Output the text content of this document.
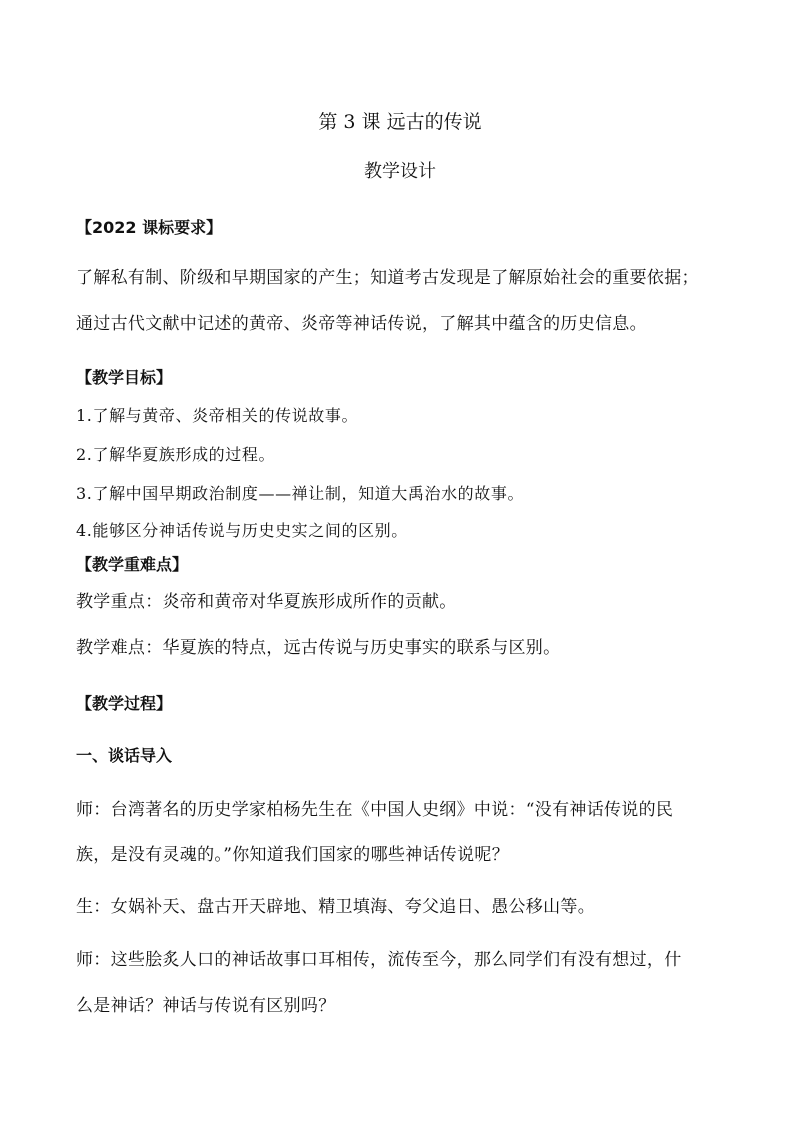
第 3 课 远古的传说
教学设计
【2022 课标要求】
了解私有制、阶级和早期国家的产生；知道考古发现是了解原始社会的重要依据；
通过古代文献中记述的黄帝、炎帝等神话传说，了解其中蕴含的历史信息。
【教学目标】
1.了解与黄帝、炎帝相关的传说故事。
2.了解华夏族形成的过程。
3.了解中国早期政治制度——禅让制，知道大禹治水的故事。
4.能够区分神话传说与历史史实之间的区别。
【教学重难点】
教学重点：炎帝和黄帝对华夏族形成所作的贡献。
教学难点：华夏族的特点，远古传说与历史事实的联系与区别。
【教学过程】
一、谈话导入
师：台湾著名的历史学家柏杨先生在《中国人史纲》中说：“没有神话传说的民
族，是没有灵魂的。”你知道我们国家的哪些神话传说呢？
生：女娲补天、盘古开天辟地、精卫填海、夸父追日、愚公移山等。
师：这些脍炙人口的神话故事口耳相传，流传至今，那么同学们有没有想过，什
么是神话？神话与传说有区别吗？
